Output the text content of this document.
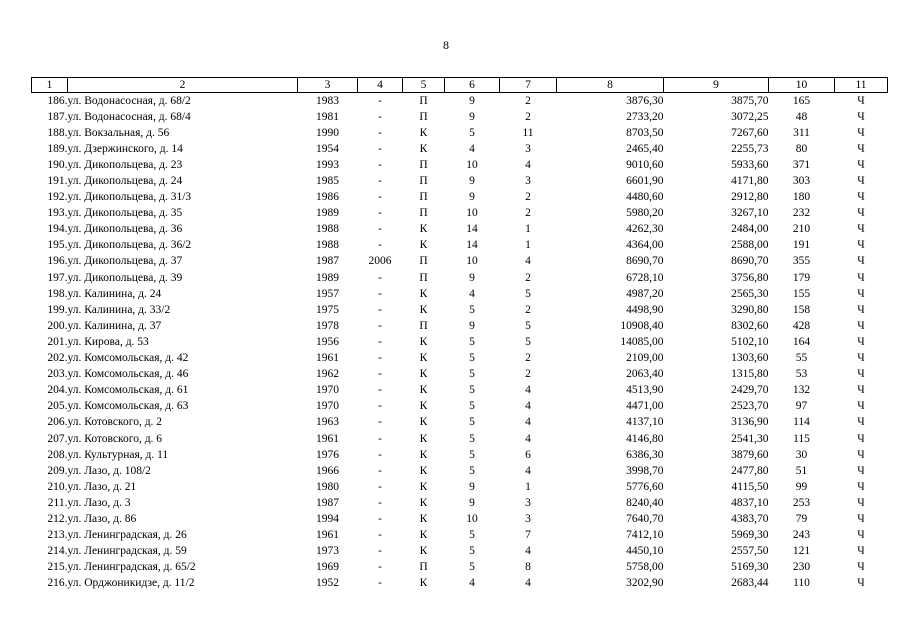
8
1	2	3	4	5	6	7	8	9	10	11
186.	ул. Водонасосная, д. 68/2	1983	-	П	9	2	3876,30	3875,70	165	Ч
187.	ул. Водонасосная, д. 68/4	1981	-	П	9	2	2733,20	3072,25	48	Ч
188.	ул. Вокзальная, д. 56	1990	-	К	5	11	8703,50	7267,60	311	Ч
189.	ул. Дзержинского, д. 14	1954	-	К	4	3	2465,40	2255,73	80	Ч
190.	ул. Дикопольцева, д. 23	1993	-	П	10	4	9010,60	5933,60	371	Ч
191.	ул. Дикопольцева, д. 24	1985	-	П	9	3	6601,90	4171,80	303	Ч
192.	ул. Дикопольцева, д. 31/3	1986	-	П	9	2	4480,60	2912,80	180	Ч
193.	ул. Дикопольцева, д. 35	1989	-	П	10	2	5980,20	3267,10	232	Ч
194.	ул. Дикопольцева, д. 36	1988	-	К	14	1	4262,30	2484,00	210	Ч
195.	ул. Дикопольцева, д. 36/2	1988	-	К	14	1	4364,00	2588,00	191	Ч
196.	ул. Дикопольцева, д. 37	1987	2006	П	10	4	8690,70	8690,70	355	Ч
197.	ул. Дикопольцева, д. 39	1989	-	П	9	2	6728,10	3756,80	179	Ч
198.	ул. Калинина, д. 24	1957	-	К	4	5	4987,20	2565,30	155	Ч
199.	ул. Калинина, д. 33/2	1975	-	К	5	2	4498,90	3290,80	158	Ч
200.	ул. Калинина, д. 37	1978	-	П	9	5	10908,40	8302,60	428	Ч
201.	ул. Кирова, д. 53	1956	-	К	5	5	14085,00	5102,10	164	Ч
202.	ул. Комсомольская, д. 42	1961	-	К	5	2	2109,00	1303,60	55	Ч
203.	ул. Комсомольская, д. 46	1962	-	К	5	2	2063,40	1315,80	53	Ч
204.	ул. Комсомольская, д. 61	1970	-	К	5	4	4513,90	2429,70	132	Ч
205.	ул. Комсомольская, д. 63	1970	-	К	5	4	4471,00	2523,70	97	Ч
206.	ул. Котовского, д. 2	1963	-	К	5	4	4137,10	3136,90	114	Ч
207.	ул. Котовского, д. 6	1961	-	К	5	4	4146,80	2541,30	115	Ч
208.	ул. Культурная, д. 11	1976	-	К	5	6	6386,30	3879,60	30	Ч
209.	ул. Лазо, д. 108/2	1966	-	К	5	4	3998,70	2477,80	51	Ч
210.	ул. Лазо, д. 21	1980	-	К	9	1	5776,60	4115,50	99	Ч
211.	ул. Лазо, д. 3	1987	-	К	9	3	8240,40	4837,10	253	Ч
212.	ул. Лазо, д. 86	1994	-	К	10	3	7640,70	4383,70	79	Ч
213.	ул. Ленинградская, д. 26	1961	-	К	5	7	7412,10	5969,30	243	Ч
214.	ул. Ленинградская, д. 59	1973	-	К	5	4	4450,10	2557,50	121	Ч
215.	ул. Ленинградская, д. 65/2	1969	-	П	5	8	5758,00	5169,30	230	Ч
216.	ул. Орджоникидзе, д. 11/2	1952	-	К	4	4	3202,90	2683,44	110	Ч
